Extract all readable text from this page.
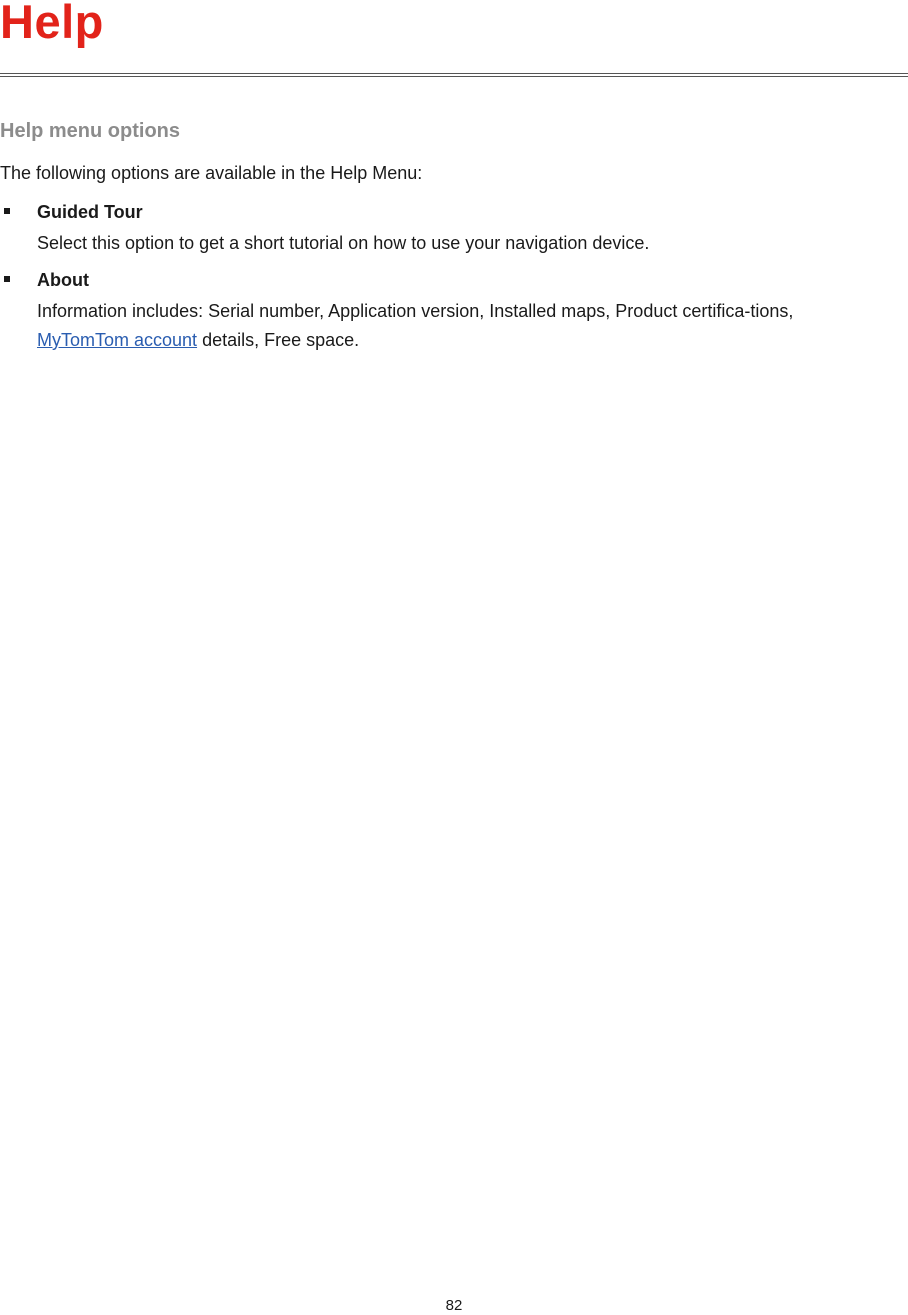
Help
Help menu options

The following options are available in the Help Menu:

Guided Tour
Select this option to get a short tutorial on how to use your navigation device.
About
Information includes: Serial number, Application version, Installed maps, Product certifica-tions, MyTomTom account details, Free space.
82
